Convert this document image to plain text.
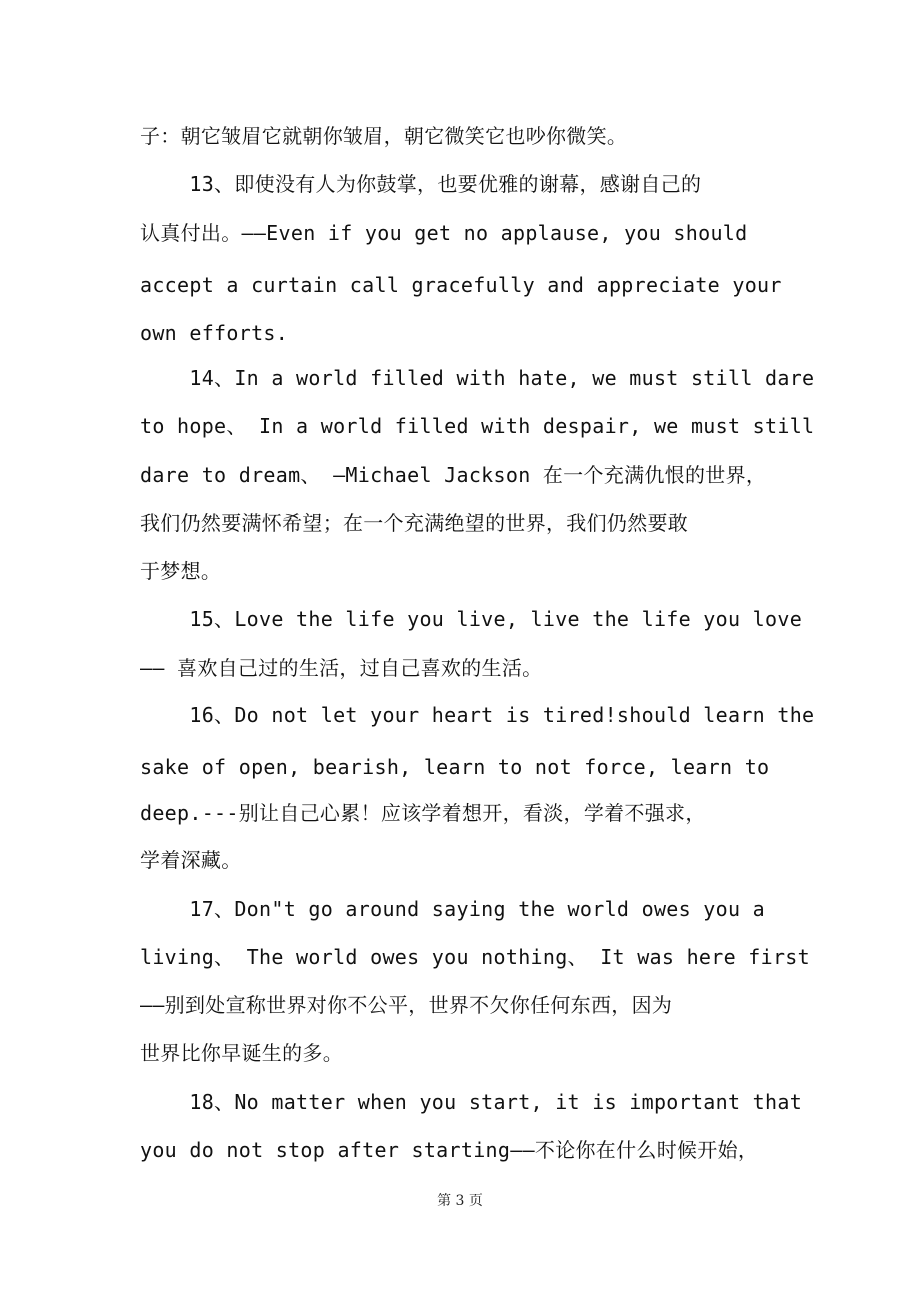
子：朝它皱眉它就朝你皱眉，朝它微笑它也吵你微笑。
13、即使没有人为你鼓掌，也要优雅的谢幕，感谢自己的
认真付出。——Even if you get no applause, you should
accept a curtain call gracefully and appreciate your
own efforts.
14、In a world filled with hate, we must still dare
to hope、 In a world filled with despair, we must still
dare to dream、 —Michael Jackson 在一个充满仇恨的世界，
我们仍然要满怀希望；在一个充满绝望的世界，我们仍然要敢
于梦想。
15、Love the life you live, live the life you love
—— 喜欢自己过的生活，过自己喜欢的生活。
16、Do not let your heart is tired!should learn the
sake of open, bearish, learn to not force, learn to
deep.---别让自己心累！应该学着想开，看淡，学着不强求，
学着深藏。
17、Don"t go around saying the world owes you a
living、 The world owes you nothing、 It was here first
——别到处宣称世界对你不公平，世界不欠你任何东西，因为
世界比你早诞生的多。
18、No matter when you start, it is important that
you do not stop after starting——不论你在什么时候开始，
第 3 页
